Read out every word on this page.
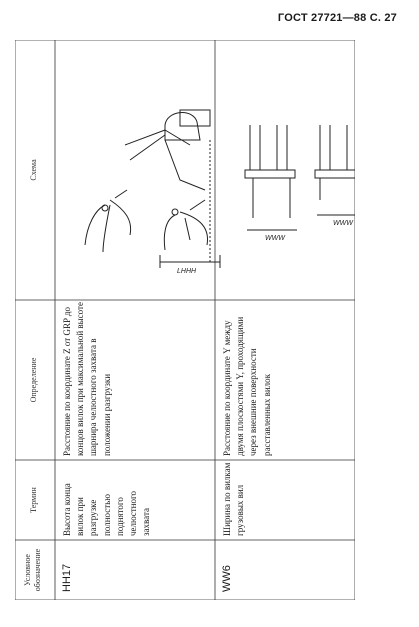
ГОСТ 27721—88 С. 27
Условное обозначение
Термин
Определение
Схема
НН17
Высота конца вилок при разгрузке полностью поднятого челюстного захвата
Расстояние по координате Z от GRP до концов вилок при максимальной высоте шарнира челюстного захвата в положении разгрузки
WW6
Ширина по вилкам грузовых вил
Расстояние по координате Y между двумя плоскостями Y, проходящими через внешние поверхности расставленных вилок
LННН
WWW
WWW
